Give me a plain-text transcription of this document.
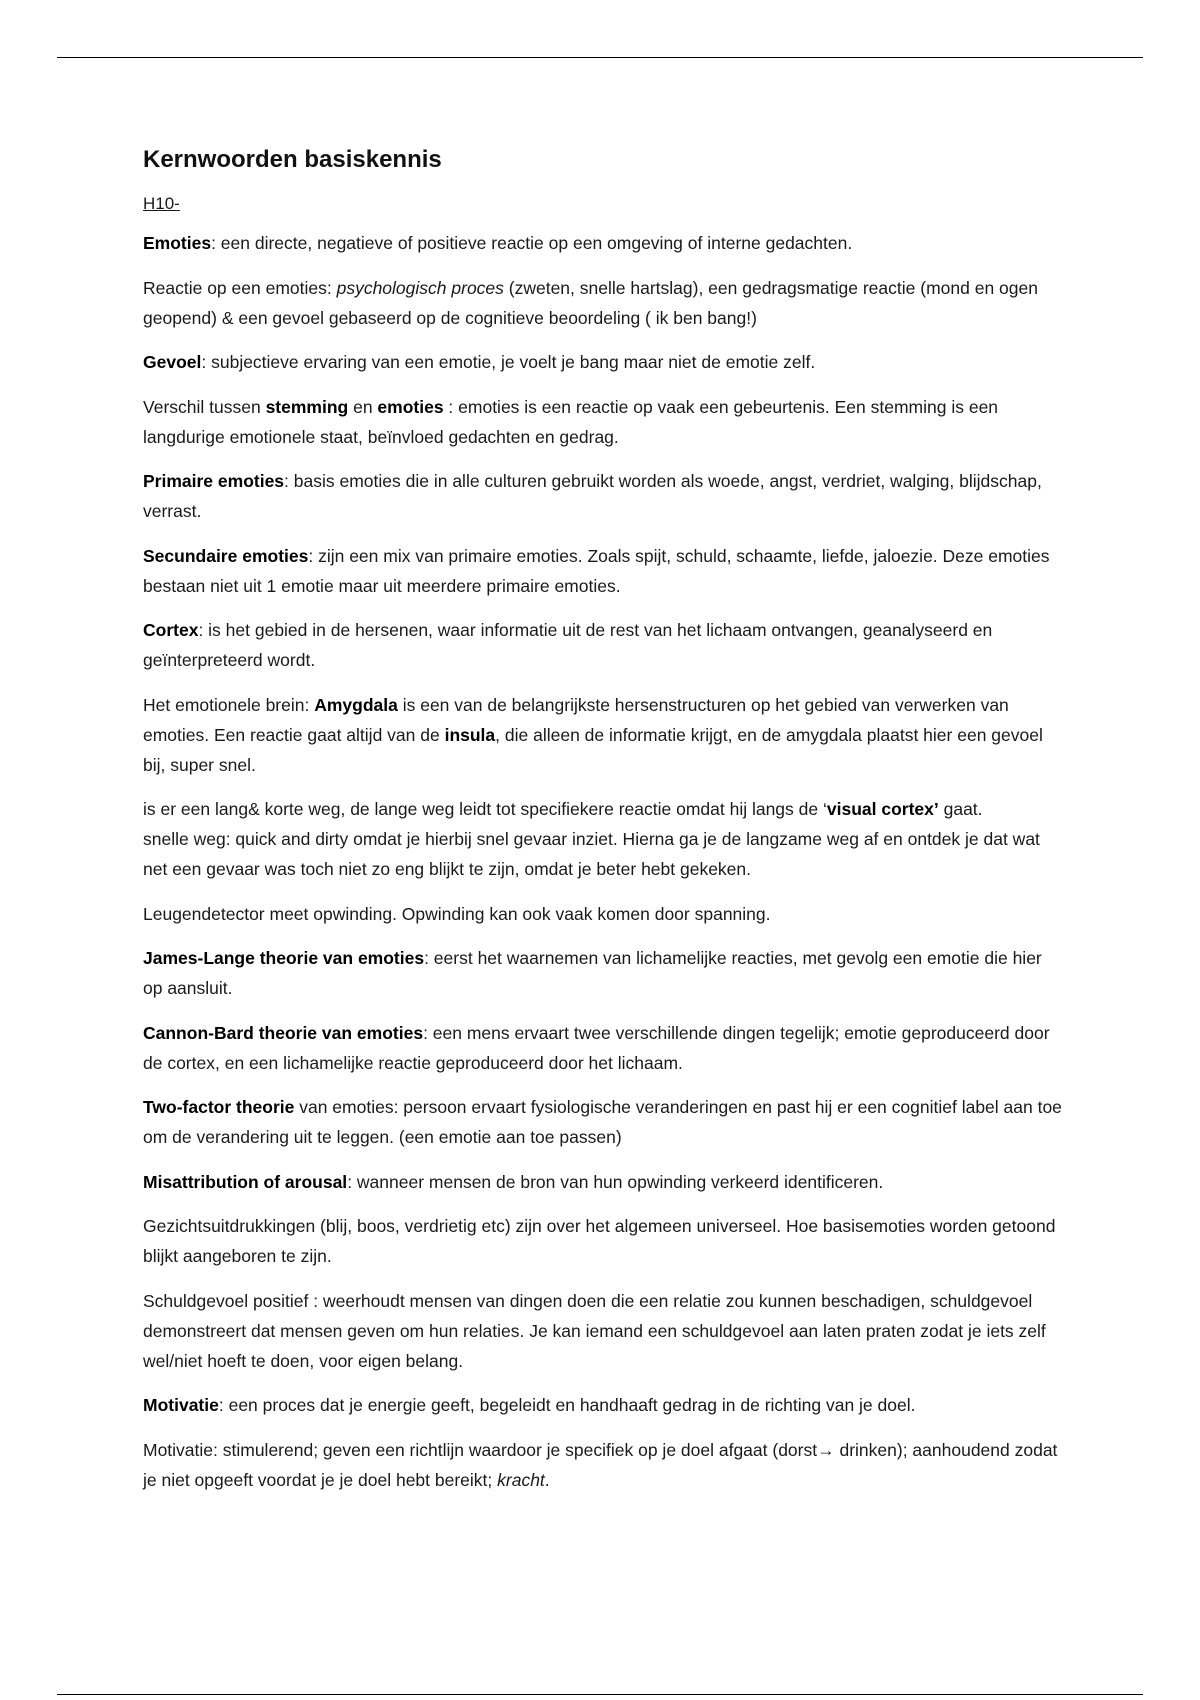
Kernwoorden basiskennis
H10-

Emoties: een directe, negatieve of positieve reactie op een omgeving of interne gedachten.

Reactie op een emoties: psychologisch proces (zweten, snelle hartslag), een gedragsmatige reactie (mond en ogen geopend) & een gevoel gebaseerd op de cognitieve beoordeling ( ik ben bang!)

Gevoel: subjectieve ervaring van een emotie, je voelt je bang maar niet de emotie zelf.

Verschil tussen stemming en emoties : emoties is een reactie op vaak een gebeurtenis. Een stemming is een langdurige emotionele staat, beïnvloed gedachten en gedrag.

Primaire emoties: basis emoties die in alle culturen gebruikt worden als woede, angst, verdriet, walging, blijdschap, verrast.

Secundaire emoties: zijn een mix van primaire emoties. Zoals spijt, schuld, schaamte, liefde, jaloezie. Deze emoties bestaan niet uit 1 emotie maar uit meerdere primaire emoties.

Cortex: is het gebied in de hersenen, waar informatie uit de rest van het lichaam ontvangen, geanalyseerd en geïnterpreteerd wordt.

Het emotionele brein: Amygdala is een van de belangrijkste hersenstructuren op het gebied van verwerken van emoties. Een reactie gaat altijd van de insula, die alleen de informatie krijgt, en de amygdala plaatst hier een gevoel bij, super snel.

is er een lang& korte weg, de lange weg leidt tot specifiekere reactie omdat hij langs de ‘visual cortex’ gaat.

snelle weg: quick and dirty omdat je hierbij snel gevaar inziet. Hierna ga je de langzame weg af en ontdek je dat wat net een gevaar was toch niet zo eng blijkt te zijn, omdat je beter hebt gekeken.

Leugendetector meet opwinding. Opwinding kan ook vaak komen door spanning.

James-Lange theorie van emoties: eerst het waarnemen van lichamelijke reacties, met gevolg een emotie die hier op aansluit.

Cannon-Bard theorie van emoties: een mens ervaart twee verschillende dingen tegelijk; emotie geproduceerd door de cortex, en een lichamelijke reactie geproduceerd door het lichaam.

Two-factor theorie van emoties: persoon ervaart fysiologische veranderingen en past hij er een cognitief label aan toe om de verandering uit te leggen. (een emotie aan toe passen)

Misattribution of arousal: wanneer mensen de bron van hun opwinding verkeerd identificeren.

Gezichtsuitdrukkingen (blij, boos, verdrietig etc) zijn over het algemeen universeel. Hoe basisemoties worden getoond blijkt aangeboren te zijn.

Schuldgevoel positief : weerhoudt mensen van dingen doen die een relatie zou kunnen beschadigen, schuldgevoel demonstreert dat mensen geven om hun relaties. Je kan iemand een schuldgevoel aan laten praten zodat je iets zelf wel/niet hoeft te doen, voor eigen belang.

Motivatie: een proces dat je energie geeft, begeleidt en handhaaft gedrag in de richting van je doel.

Motivatie: stimulerend; geven een richtlijn waardoor je specifiek op je doel afgaat (dorst→ drinken); aanhoudend zodat je niet opgeeft voordat je je doel hebt bereikt; kracht.
